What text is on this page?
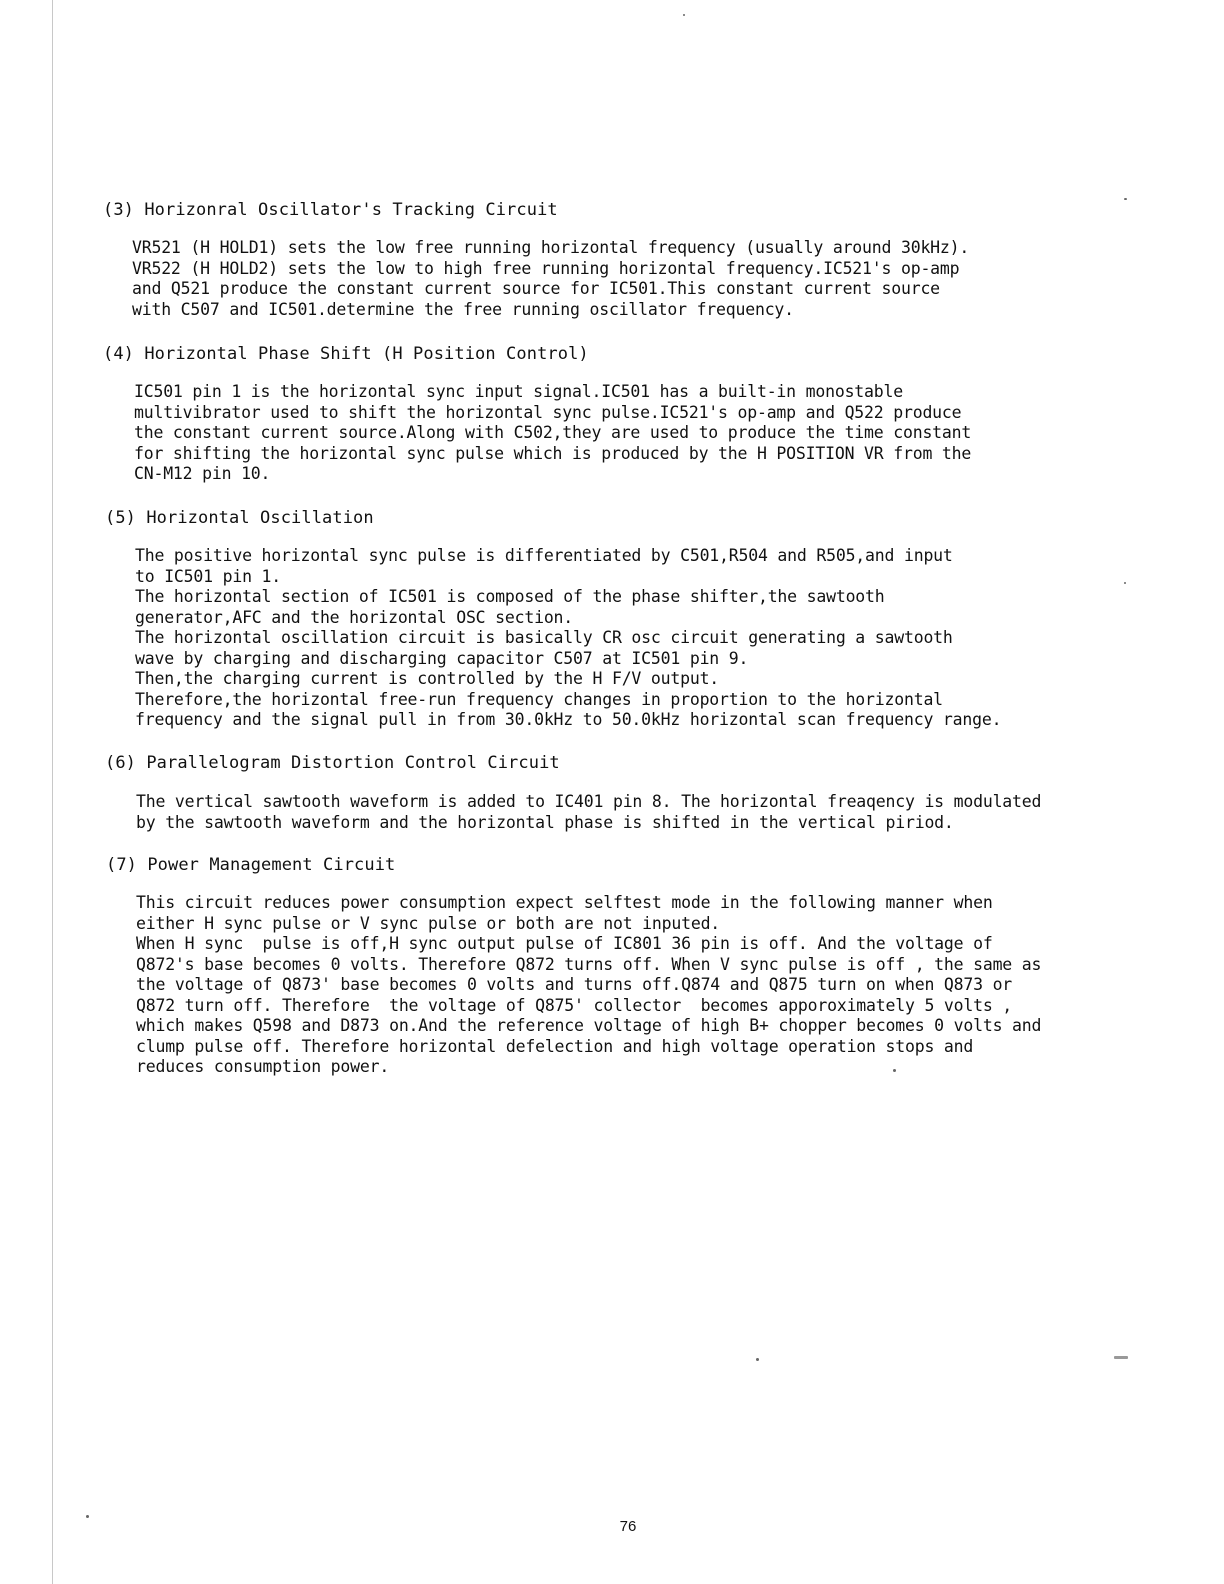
(3) Horizonral Oscillator's Tracking Circuit
VR521 (H HOLD1) sets the low free running horizontal frequency (usually around 30kHz).
VR522 (H HOLD2) sets the low to high free running horizontal frequency.IC521's op-amp
and Q521 produce the constant current source for IC501.This constant current source
with C507 and IC501.determine the free running oscillator frequency.
(4) Horizontal Phase Shift (H Position Control)
IC501 pin 1 is the horizontal sync input signal.IC501 has a built-in monostable
multivibrator used to shift the horizontal sync pulse.IC521's op-amp and Q522 produce
the constant current source.Along with C502,they are used to produce the time constant
for shifting the horizontal sync pulse which is produced by the H POSITION VR from the
CN-M12 pin 10.
(5) Horizontal Oscillation
The positive horizontal sync pulse is differentiated by C501,R504 and R505,and input
to IC501 pin 1.
The horizontal section of IC501 is composed of the phase shifter,the sawtooth
generator,AFC and the horizontal OSC section.
The horizontal oscillation circuit is basically CR osc circuit generating a sawtooth
wave by charging and discharging capacitor C507 at IC501 pin 9.
Then,the charging current is controlled by the H F/V output.
Therefore,the horizontal free-run frequency changes in proportion to the horizontal
frequency and the signal pull in from 30.0kHz to 50.0kHz horizontal scan frequency range.
(6) Parallelogram Distortion Control Circuit
The vertical sawtooth waveform is added to IC401 pin 8. The horizontal freaqency is modulated
by the sawtooth waveform and the horizontal phase is shifted in the vertical piriod.
(7) Power Management Circuit
This circuit reduces power consumption expect selftest mode in the following manner when
either H sync pulse or V sync pulse or both are not inputed.
When H sync  pulse is off,H sync output pulse of IC801 36 pin is off. And the voltage of
Q872's base becomes 0 volts. Therefore Q872 turns off. When V sync pulse is off , the same as
the voltage of Q873' base becomes 0 volts and turns off.Q874 and Q875 turn on when Q873 or
Q872 turn off. Therefore  the voltage of Q875' collector  becomes apporoximately 5 volts ,
which makes Q598 and D873 on.And the reference voltage of high B+ chopper becomes 0 volts and
clump pulse off. Therefore horizontal defelection and high voltage operation stops and
reduces consumption power.
76
